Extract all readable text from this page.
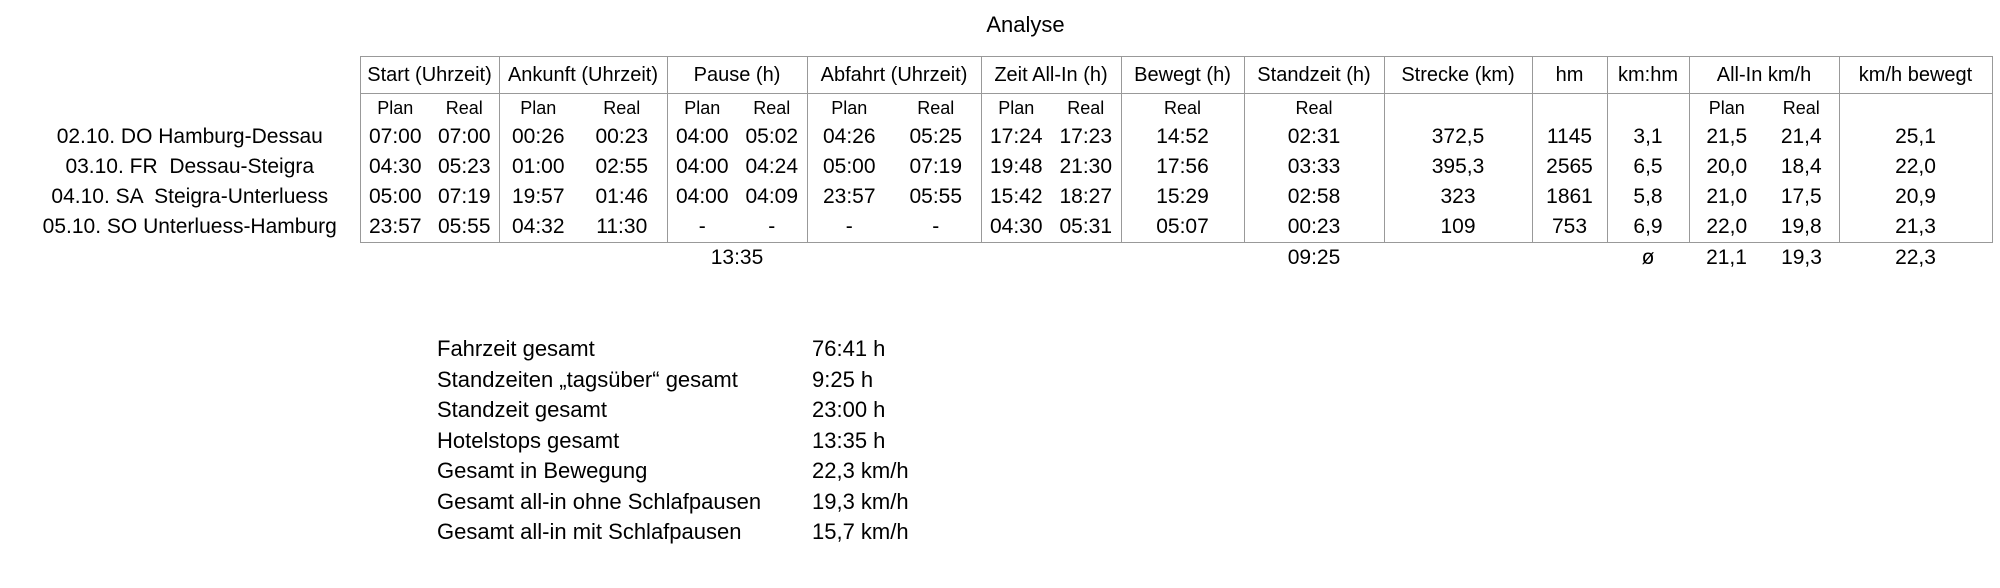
Analyse
	Start (Uhrzeit)		Ankunft (Uhrzeit)		Pause (h)		Abfahrt (Uhrzeit)		Zeit All-In (h)		Bewegt (h)	Standzeit (h)	Strecke (km)	hm	km:hm	All-In km/h		km/h bewegt
	Plan	Real	Plan	Real	Plan	Real	Plan	Real	Plan	Real	Real	Real				Plan	Real	
02.10. DO Hamburg-Dessau	07:00	07:00	00:26	00:23	04:00	05:02	04:26	05:25	17:24	17:23	14:52	02:31	372,5	1145	3,1	21,5	21,4	25,1
03.10. FR  Dessau-Steigra	04:30	05:23	01:00	02:55	04:00	04:24	05:00	07:19	19:48	21:30	17:56	03:33	395,3	2565	6,5	20,0	18,4	22,0
04.10. SA  Steigra-Unterluess	05:00	07:19	19:57	01:46	04:00	04:09	23:57	05:55	15:42	18:27	15:29	02:58	323	1861	5,8	21,0	17,5	20,9
05.10. SO Unterluess-Hamburg	23:57	05:55	04:32	11:30	-	-	-	-	04:30	05:31	05:07	00:23	109	753	6,9	22,0	19,8	21,3
					13:35							09:25			ø	21,1	19,3	22,3
Fahrzeit gesamt	76:41 h
Standzeiten „tagsüber“ gesamt	9:25 h
Standzeit gesamt	23:00 h
Hotelstops gesamt	13:35 h
Gesamt in Bewegung	22,3 km/h
Gesamt all-in ohne Schlafpausen	19,3 km/h
Gesamt all-in mit Schlafpausen	15,7 km/h
